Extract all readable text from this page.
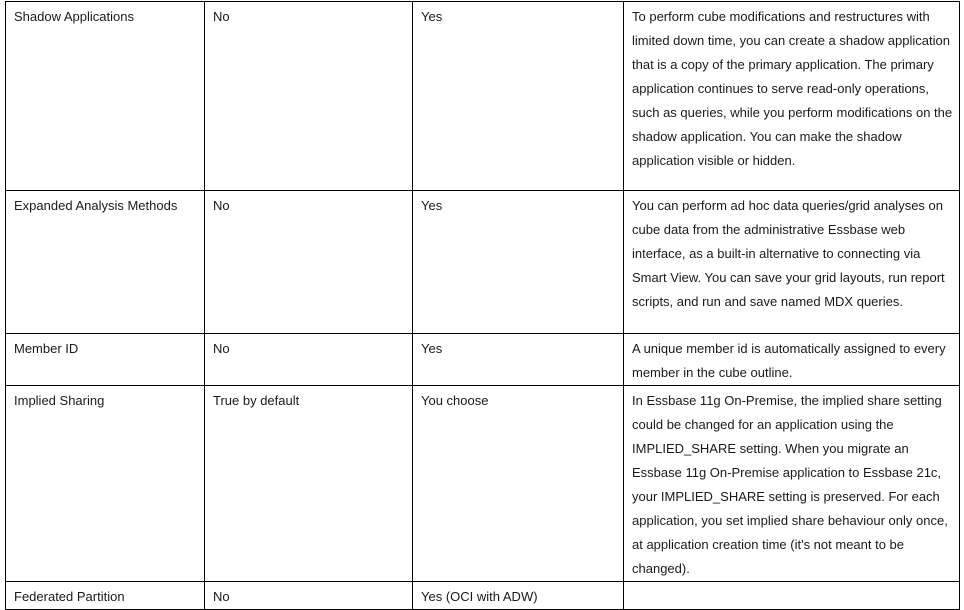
Shadow Applications	No	Yes	To perform cube modifications and restructures with limited down time, you can create a shadow application that is a copy of the primary application. The primary application continues to serve read-only operations, such as queries, while you perform modifications on the shadow application. You can make the shadow application visible or hidden.
Expanded Analysis Methods	No	Yes	You can perform ad hoc data queries/grid analyses on cube data from the administrative Essbase web interface, as a built-in alternative to connecting via Smart View. You can save your grid layouts, run report scripts, and run and save named MDX queries.
Member ID	No	Yes	A unique member id is automatically assigned to every member in the cube outline.
Implied Sharing	True by default	You choose	In Essbase 11g On-Premise, the implied share setting could be changed for an application using the IMPLIED_SHARE setting. When you migrate an Essbase 11g On-Premise application to Essbase 21c, your IMPLIED_SHARE setting is preserved. For each application, you set implied share behaviour only once, at application creation time (it's not meant to be changed).
Federated Partition	No	Yes (OCI with ADW)	
